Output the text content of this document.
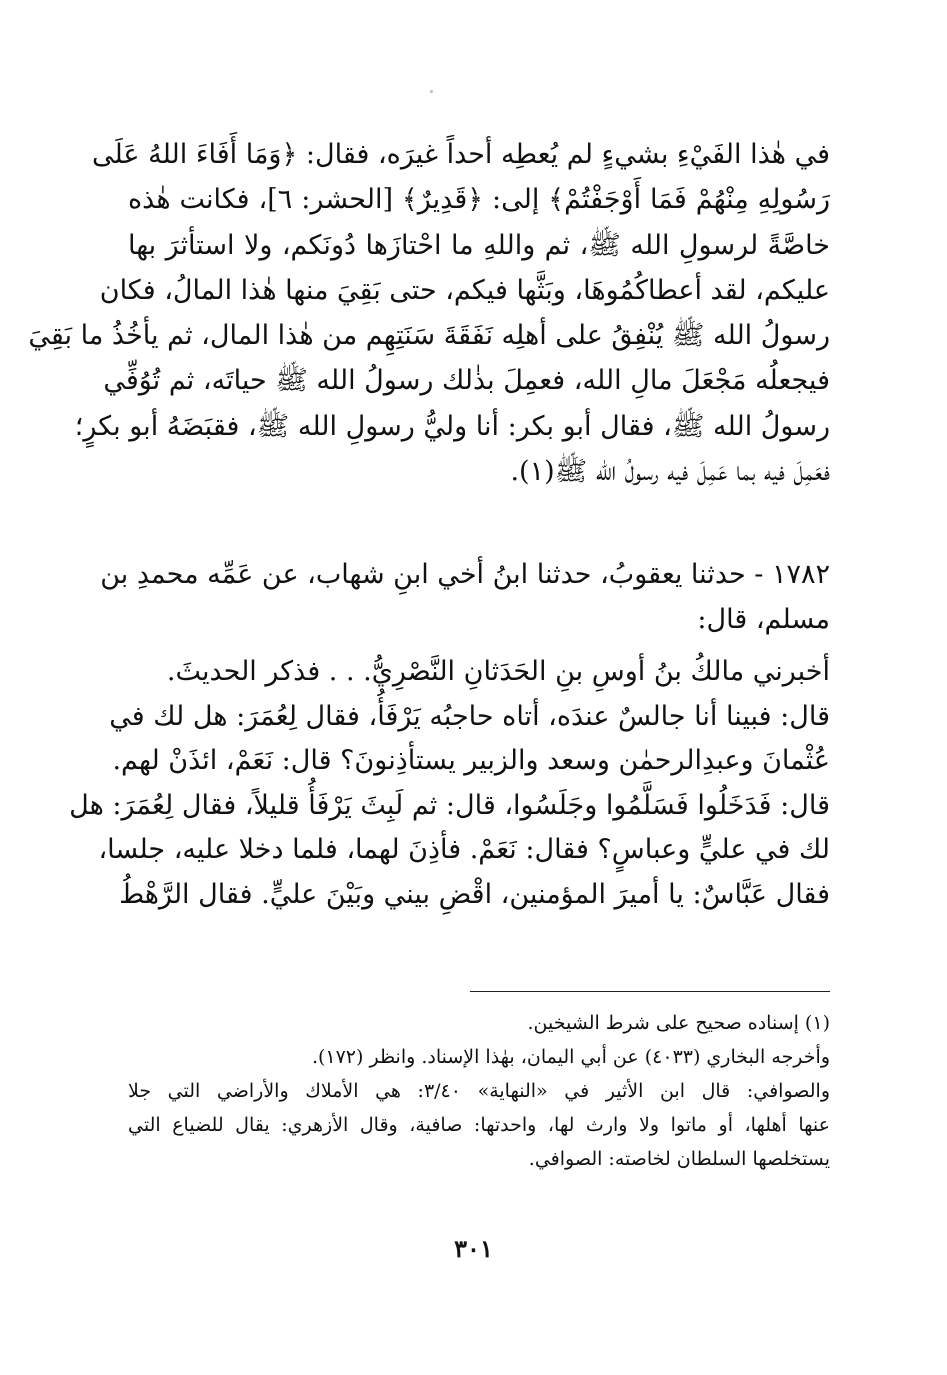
في هٰذا الفَيْءِ بشيءٍ لم يُعطِه أحداً غيرَه، فقال: ﴿وَمَا أَفَاءَ اللهُ عَلَى
رَسُولِهِ مِنْهُمْ فَمَا أَوْجَفْتُمْ﴾ إلى: ﴿قَدِيرٌ﴾ [الحشر: ٦]، فكانت هٰذه
خاصَّةً لرسولِ الله ﷺ، ثم واللهِ ما احْتازَها دُونَكم، ولا استأثرَ بها
عليكم، لقد أعطاكُمُوهَا، وبَثَّها فيكم، حتى بَقِيَ منها هٰذا المالُ، فكان
رسولُ الله ﷺ يُنْفِقُ على أهلِه نَفَقَةَ سَنَتِهِم من هٰذا المال، ثم يأخُذُ ما بَقِيَ
فيجعلُه مَجْعَلَ مالِ الله، فعمِلَ بذٰلك رسولُ الله ﷺ حياتَه، ثم تُوُفِّي
رسولُ الله ﷺ، فقال أبو بكر: أنا وليُّ رسولِ الله ﷺ، فقبَضَهُ أبو بكرٍ؛
فعَمِلَ فيه بما عَمِلَ فيه رسولُ الله ﷺ(١).
١٧٨٢ - حدثنا يعقوبُ، حدثنا ابنُ أخي ابنِ شهاب، عن عَمِّه محمدِ بن
مسلم، قال:
أخبرني مالكُ بنُ أوسِ بنِ الحَدَثانِ النَّصْرِيُّ. . . فذكر الحديثَ.
قال: فبينا أنا جالسٌ عندَه، أتاه حاجبُه يَرْفَأُ، فقال لِعُمَرَ: هل لك في
عُثْمانَ وعبدِالرحمٰن وسعد والزبير يستأذِنونَ؟ قال: نَعَمْ، ائذَنْ لهم.
قال: فَدَخَلُوا فَسَلَّمُوا وجَلَسُوا، قال: ثم لَبِثَ يَرْفَأُ قليلاً، فقال لِعُمَرَ: هل
لك في عليٍّ وعباسٍ؟ فقال: نَعَمْ. فأذِنَ لهما، فلما دخلا عليه، جلسا،
فقال عَبَّاسٌ: يا أميرَ المؤمنين، اقْضِ بيني وبَيْنَ عليٍّ. فقال الرَّهْطُ
(١) إسناده صحيح على شرط الشيخين.
وأخرجه البخاري (٤٠٣٣) عن أبي اليمان، بهٰذا الإسناد. وانظر (١٧٢).
والصوافي: قال ابن الأثير في «النهاية» ٣/٤٠: هي الأملاك والأراضي التي جلا
عنها أهلها، أو ماتوا ولا وارث لها، واحدتها: صافية، وقال الأزهري: يقال للضياع التي
يستخلصها السلطان لخاصته: الصوافي.
٣٠١
